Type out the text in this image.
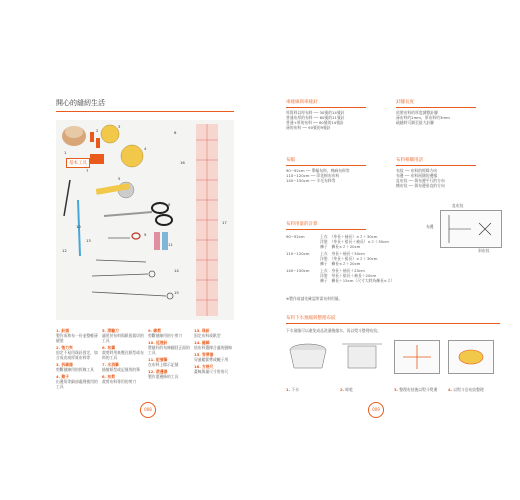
開心的縫紉生活
1
2
3
4
5
6
7
8
9
10
11
12
13
14
15
16
17
基本工具
1. 針插
製作成和布一份並整輕薄縫裝
2. 強力夾
固定不易用珠針固定，如合成皮或厚質布料等
3. 拆線器
剪斷縫線用的拆線工具
4. 錐子
出邊角等細部處理使用的工具
5. 滾輪刀
適用於布料與紙張裁切的工具
6. 布鎮
裁剪時用來壓住紙型或布料的工具
7. 水消筆
描繪紙型或記號用的筆
8. 布剪
裁剪布料專用的剪刀
9. 線剪
剪斷縫線用的小剪刀
10. 返裡針
將縫好的布條翻回正面的工具
11. 記號筆
在布料上標示記號
12. 滾邊器
製作滾邊條的工具
13. 珠針
固定布料或紙型
14. 縫線
依布料選擇合適的縫線
15. 穿帶器
穿過鬆緊帶或繩子用
16. 方格尺
畫線與量尺寸用的尺
008
車縫線與車縫針
厚質料以厚布料 ── 30號的14號針
普通布厚的布料 ── 60號的11號針
普通+厚的布料 ── 60號的14號針
薄的布料 ── 90號的9號針
針腳長度
依照布料的厚度調整針腳
薄布料約2mm，厚布料約3mm
疏縫時可調至最大針腳
布幅
90~92cm ── 單幅布料，棉麻布料等
110~120cm ── 印花棉布布料
140~150cm ── 羊毛布料等
布料相關用語
布紋 ── 布料的經緯方向
布邊 ── 布料兩側的邊緣
直布紋 ── 與布邊平行的方向
橫布紋 ── 與布邊垂直的方向
布邊
直布紋
斜布紋
布料用量的計算
90~92cm	上衣　（身長＋袖長）×２＋30cm
洋裝　（身長＋裙長＋袖長）×２＋30cm
褲子　褲長×２＋20cm
110~120cm	上衣　身長＋袖長＋30cm
洋裝　（身長＋裙長）×２＋30cm
褲子　褲長×２＋20cm
140~150cm	上衣　身長＋袖長＋20cm
洋裝　身長＋裙長＋袖長＋20cm
褲子　褲長＋15cm（尺寸大時為褲長×２）
※製作前請先確認所需布料用量。
布料下水預縮與整理布紋
下水預縮可以避免成品洗滌後縮水，再以熨斗整理布紋。
1. 下水	2. 晾乾	3. 整理布紋後以熨斗熨燙	4. 以熨斗沿布紋整理
009
